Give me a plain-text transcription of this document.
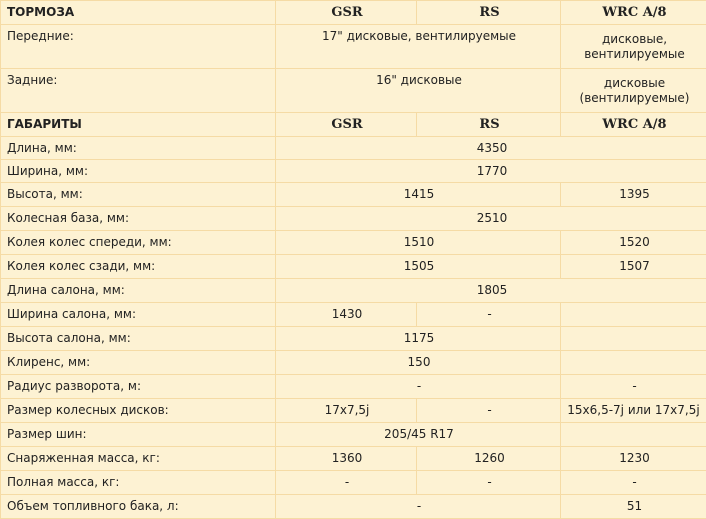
ТОРМОЗА	GSR	RS	WRC A/8
Передние:	17" дисковые, вентилируемые		дисковые, вентилируемые
Задние:	16" дисковые		дисковые (вентилируемые)
ГАБАРИТЫ	GSR	RS	WRC A/8
Длина, мм:	4350		
Ширина, мм:	1770		
Высота, мм:	1415		1395
Колесная база, мм:	2510		
Колея колес спереди, мм:	1510		1520
Колея колес сзади, мм:	1505		1507
Длина салона, мм:	1805		
Ширина салона, мм:	1430	-	
Высота салона, мм:	1175		
Клиренс, мм:	150		
Радиус разворота, м:	-		-
Размер колесных дисков:	17x7,5j	-	15x6,5-7j или 17x7,5j
Размер шин:	205/45 R17		
Снаряженная масса, кг:	1360	1260	1230
Полная масса, кг:	-	-	-
Объем топливного бака, л:	-		51
